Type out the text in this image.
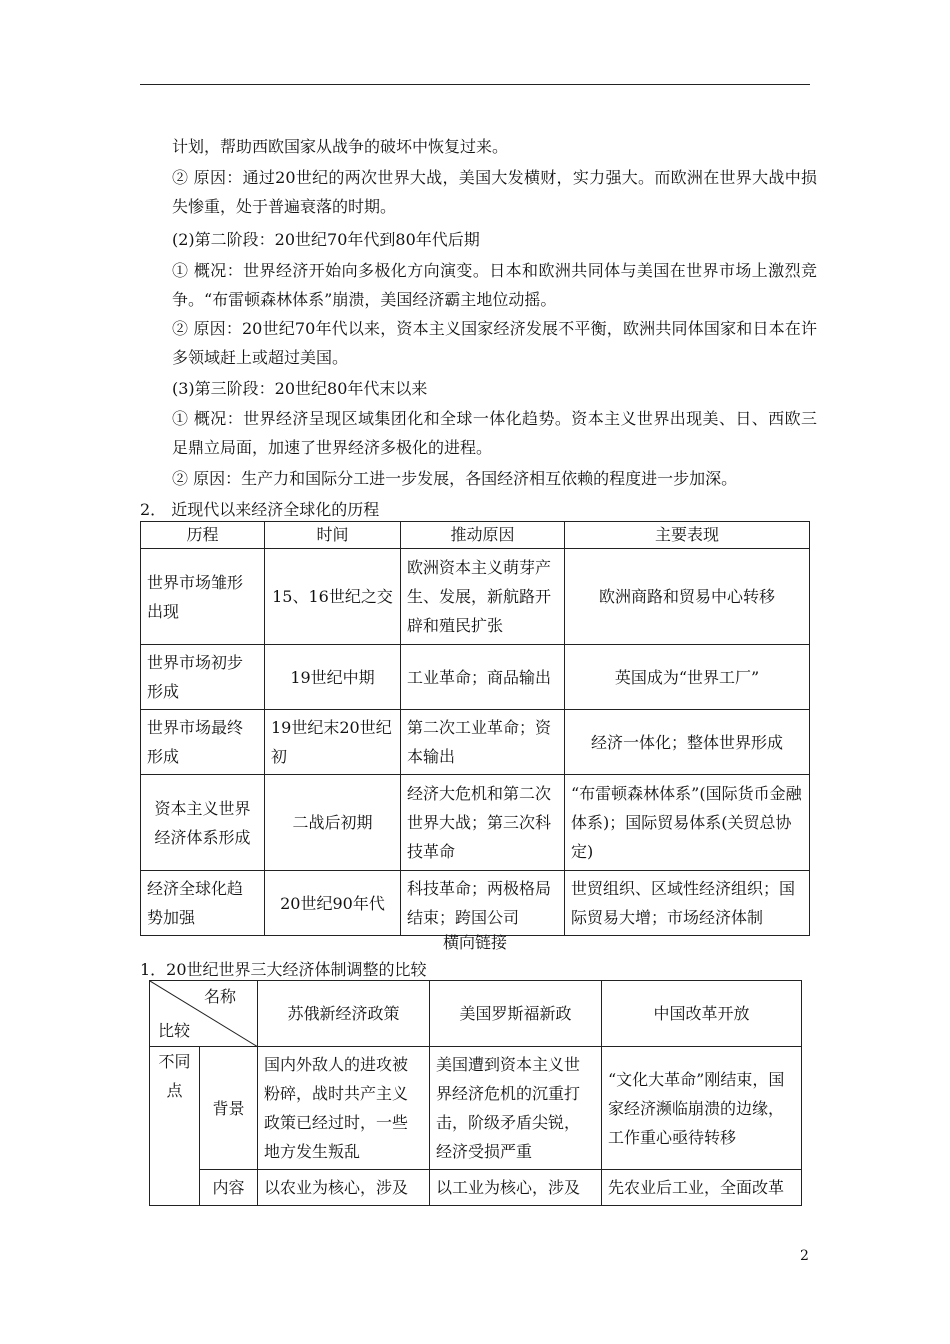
计划，帮助西欧国家从战争的破坏中恢复过来。
② 原因：通过20世纪的两次世界大战，美国大发横财，实力强大。而欧洲在世界大战中损失惨重，处于普遍衰落的时期。
(2)第二阶段：20世纪70年代到80年代后期
① 概况：世界经济开始向多极化方向演变。日本和欧洲共同体与美国在世界市场上激烈竞争。“布雷顿森林体系”崩溃，美国经济霸主地位动摇。
② 原因：20世纪70年代以来，资本主义国家经济发展不平衡，欧洲共同体国家和日本在许多领域赶上或超过美国。
(3)第三阶段：20世纪80年代末以来
① 概况：世界经济呈现区域集团化和全球一体化趋势。资本主义世界出现美、日、西欧三足鼎立局面，加速了世界经济多极化的进程。
② 原因：生产力和国际分工进一步发展，各国经济相互依赖的程度进一步加深。
2． 近现代以来经济全球化的历程
历程	时间	推动原因	主要表现
世界市场雏形出现	15、16世纪之交	欧洲资本主义萌芽产生、发展，新航路开辟和殖民扩张	欧洲商路和贸易中心转移
世界市场初步形成	19世纪中期	工业革命；商品输出	英国成为“世界工厂”
世界市场最终形成	19世纪末20世纪初	第二次工业革命；资本输出	经济一体化；整体世界形成
资本主义世界经济体系形成	二战后初期	经济大危机和第二次世界大战；第三次科技革命	“布雷顿森林体系”(国际货币金融体系)；国际贸易体系(关贸总协定)
经济全球化趋势加强	20世纪90年代	科技革命；两极格局结束；跨国公司	世贸组织、区域性经济组织；国际贸易大增；市场经济体制
横向链接
1．20世纪世界三大经济体制调整的比较
名称
比较		苏俄新经济政策	美国罗斯福新政	中国改革开放
不同点	背景	国内外敌人的进攻被粉碎，战时共产主义政策已经过时，一些地方发生叛乱	美国遭到资本主义世界经济危机的沉重打击，阶级矛盾尖锐，经济受损严重	“文化大革命”刚结束，国家经济濒临崩溃的边缘，工作重心亟待转移
	内容	以农业为核心，涉及	以工业为核心，涉及	先农业后工业，全面改革
2
